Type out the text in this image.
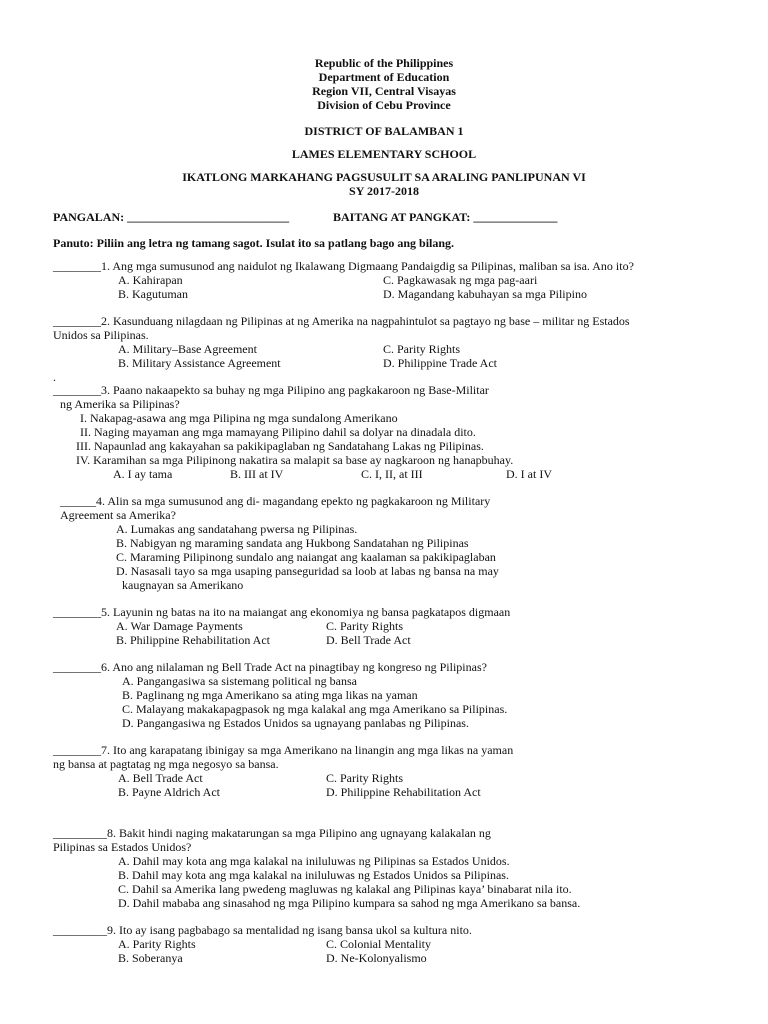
Republic of the Philippines
Department of Education
Region VII, Central Visayas
Division of Cebu Province
DISTRICT OF BALAMBAN 1
LAMES ELEMENTARY SCHOOL
IKATLONG MARKAHANG PAGSUSULIT SA ARALING PANLIPUNAN VI
SY 2017-2018
PANGALAN: ___________________________	BAITANG AT PANGKAT: ______________
Panuto: Piliin ang letra ng tamang sagot. Isulat ito sa patlang bago ang bilang.
________1. Ang mga sumusunod ang naidulot ng Ikalawang Digmaang Pandaigdig sa Pilipinas, maliban sa isa. Ano ito?
A. Kahirapan	C. Pagkawasak ng mga pag-aari
B. Kagutuman	D. Magandang kabuhayan sa mga Pilipino
________2. Kasunduang nilagdaan ng Pilipinas at ng Amerika na nagpahintulot sa pagtayo ng base – militar ng Estados
Unidos sa Pilipinas.
A. Military–Base Agreement	C. Parity Rights
B. Military Assistance Agreement	D. Philippine Trade Act
.
________3. Paano nakaapekto sa buhay ng mga Pilipino ang pagkakaroon ng Base-Militar
ng Amerika sa Pilipinas?
I. Nakapag-asawa ang mga Pilipina ng mga sundalong Amerikano
II. Naging mayaman ang mga mamayang Pilipino dahil sa dolyar na dinadala dito.
III. Napaunlad ang kakayahan sa pakikipaglaban ng Sandatahang Lakas ng Pilipinas.
IV. Karamihan sa mga Pilipinong nakatira sa malapit sa base ay nagkaroon ng hanapbuhay.
A. I ay tama	B. III at IV	C. I, II, at III	D. I at IV
______4. Alin sa mga sumusunod ang di- magandang epekto ng pagkakaroon ng Military
Agreement sa Amerika?
A. Lumakas ang sandatahang pwersa ng Pilipinas.
B. Nabigyan ng maraming sandata ang Hukbong Sandatahan ng Pilipinas
C. Maraming Pilipinong sundalo ang naiangat ang kaalaman sa pakikipaglaban
D. Nasasali tayo sa mga usaping panseguridad sa loob at labas ng bansa na may
kaugnayan sa Amerikano
________5. Layunin ng batas na ito na maiangat ang ekonomiya ng bansa pagkatapos digmaan
A. War Damage Payments	C. Parity Rights
B. Philippine Rehabilitation Act	D. Bell Trade Act
________6. Ano ang nilalaman ng Bell Trade Act na pinagtibay ng kongreso ng Pilipinas?
A. Pangangasiwa sa sistemang political ng bansa
B. Paglinang ng mga Amerikano sa ating mga likas na yaman
C. Malayang makakapagpasok ng mga kalakal ang mga Amerikano sa Pilipinas.
D. Pangangasiwa ng Estados Unidos sa ugnayang panlabas ng Pilipinas.
________7. Ito ang karapatang ibinigay sa mga Amerikano na linangin ang mga likas na yaman
ng bansa at pagtatag ng mga negosyo sa bansa.
A. Bell Trade Act	C. Parity Rights
B. Payne Aldrich Act	D. Philippine Rehabilitation Act
_________8. Bakit hindi naging makatarungan sa mga Pilipino ang ugnayang kalakalan ng
Pilipinas sa Estados Unidos?
A. Dahil may kota ang mga kalakal na iniluluwas ng Pilipinas sa Estados Unidos.
B. Dahil may kota ang mga kalakal na iniluluwas ng Estados Unidos sa Pilipinas.
C. Dahil sa Amerika lang pwedeng magluwas ng kalakal ang Pilipinas kaya’ binabarat nila ito.
D. Dahil mababa ang sinasahod ng mga Pilipino kumpara sa sahod ng mga Amerikano sa bansa.
_________9. Ito ay isang pagbabago sa mentalidad ng isang bansa ukol sa kultura nito.
A. Parity Rights	C. Colonial Mentality
B. Soberanya	D. Ne-Kolonyalismo
